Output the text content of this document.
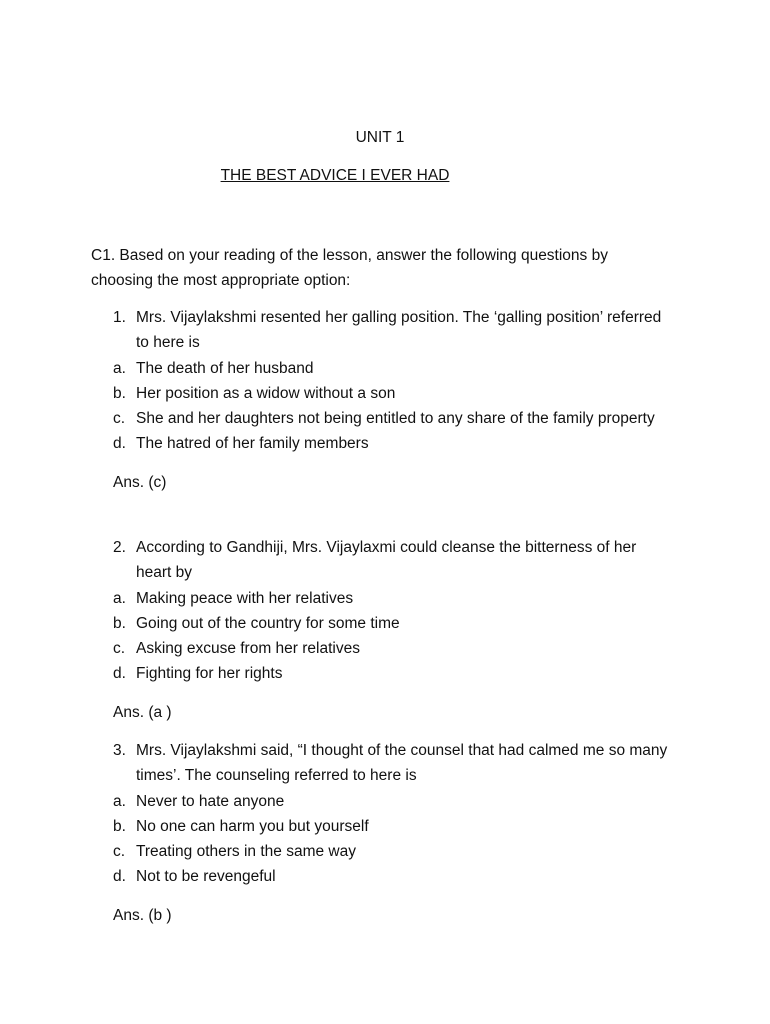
UNIT 1
THE BEST ADVICE I EVER HAD
C1. Based on your reading of the lesson, answer the following questions by choosing the most appropriate option:
1. Mrs. Vijaylakshmi resented her galling position. The ‘galling position’ referred to here is
a. The death of her husband
b. Her position as a widow without a son
c. She and her daughters not being entitled to any share of the family property
d. The hatred of her family members
Ans. (c)
2. According to Gandhiji, Mrs. Vijaylaxmi could cleanse the bitterness of her heart by
a. Making peace with her relatives
b. Going out of the country for some time
c. Asking excuse from her relatives
d. Fighting for her rights
Ans. (a )
3. Mrs. Vijaylakshmi said, “I thought of the counsel that had calmed me so many times’. The counseling referred to here is
a. Never to hate anyone
b. No one can harm you but yourself
c. Treating others in the same way
d. Not to be revengeful
Ans. (b )
